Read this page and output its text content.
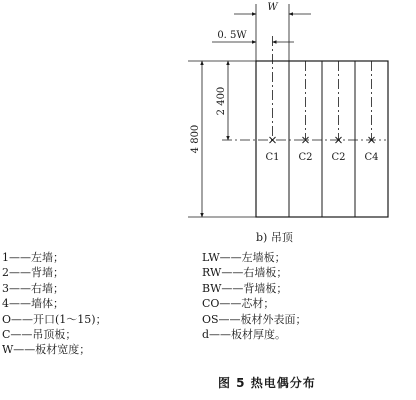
C1 C2 C2 C4
W
0. 5W
4 800
2 400
b) 吊顶
1——左墙；
2——背墙；
3——右墙；
4——墙体；
O——开口(1～15)；
C——吊顶板；
W——板材宽度；
LW——左墙板；
RW——右墙板；
BW——背墙板；
CO——芯材；
OS——板材外表面；
d——板材厚度。
图 5 热电偶分布
